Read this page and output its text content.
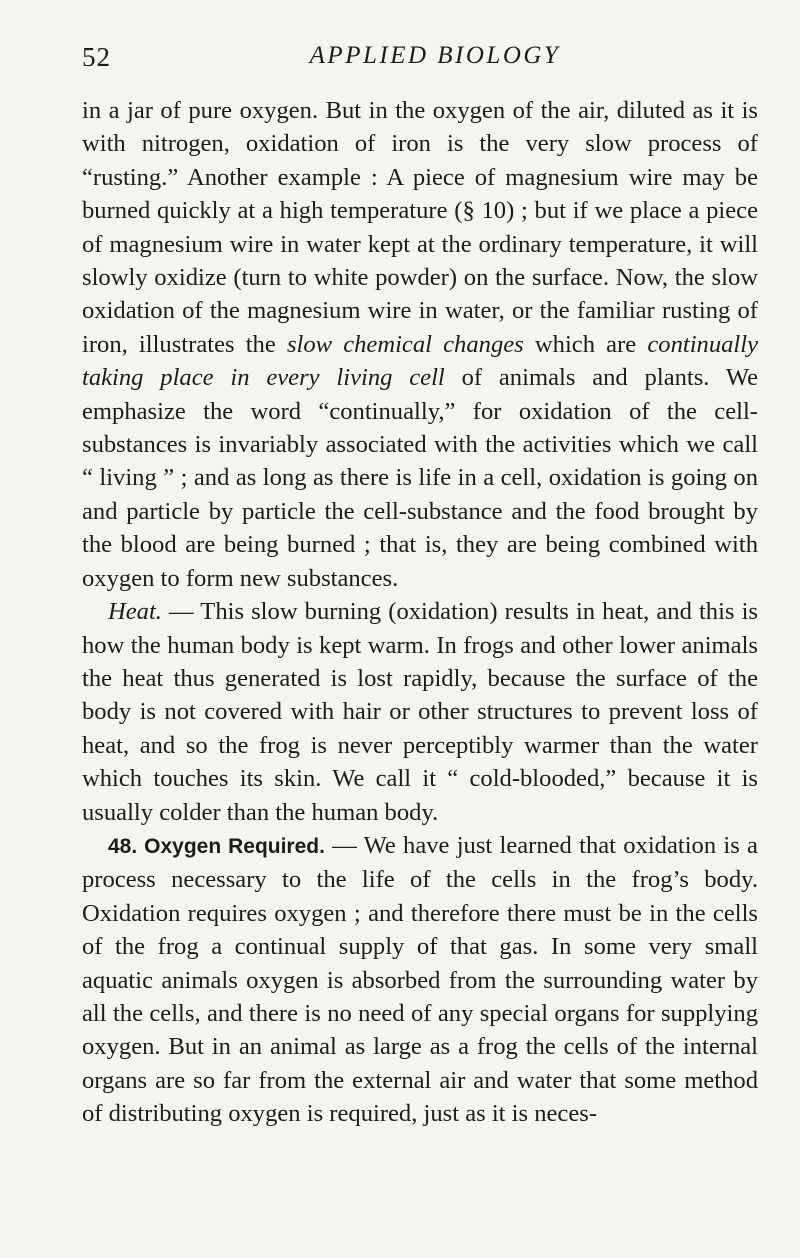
52	APPLIED BIOLOGY

in a jar of pure oxygen. But in the oxygen of the air, diluted as it is with nitrogen, oxidation of iron is the very slow process of “rusting.” Another example : A piece of magnesium wire may be burned quickly at a high temperature (§ 10) ; but if we place a piece of magnesium wire in water kept at the ordinary temperature, it will slowly oxidize (turn to white powder) on the surface. Now, the slow oxidation of the magnesium wire in water, or the familiar rusting of iron, illustrates the slow chemical changes which are continually taking place in every living cell of animals and plants. We emphasize the word “continually,” for oxidation of the cell-substances is invariably associated with the activities which we call “ living ” ; and as long as there is life in a cell, oxidation is going on and particle by particle the cell-substance and the food brought by the blood are being burned ; that is, they are being combined with oxygen to form new substances.

Heat. — This slow burning (oxidation) results in heat, and this is how the human body is kept warm. In frogs and other lower animals the heat thus generated is lost rapidly, because the surface of the body is not covered with hair or other structures to prevent loss of heat, and so the frog is never perceptibly warmer than the water which touches its skin. We call it “ cold-blooded,” because it is usually colder than the human body.

48. Oxygen Required. — We have just learned that oxidation is a process necessary to the life of the cells in the frog’s body. Oxidation requires oxygen ; and therefore there must be in the cells of the frog a continual supply of that gas. In some very small aquatic animals oxygen is absorbed from the surrounding water by all the cells, and there is no need of any special organs for supplying oxygen. But in an animal as large as a frog the cells of the internal organs are so far from the external air and water that some method of distributing oxygen is required, just as it is neces-
